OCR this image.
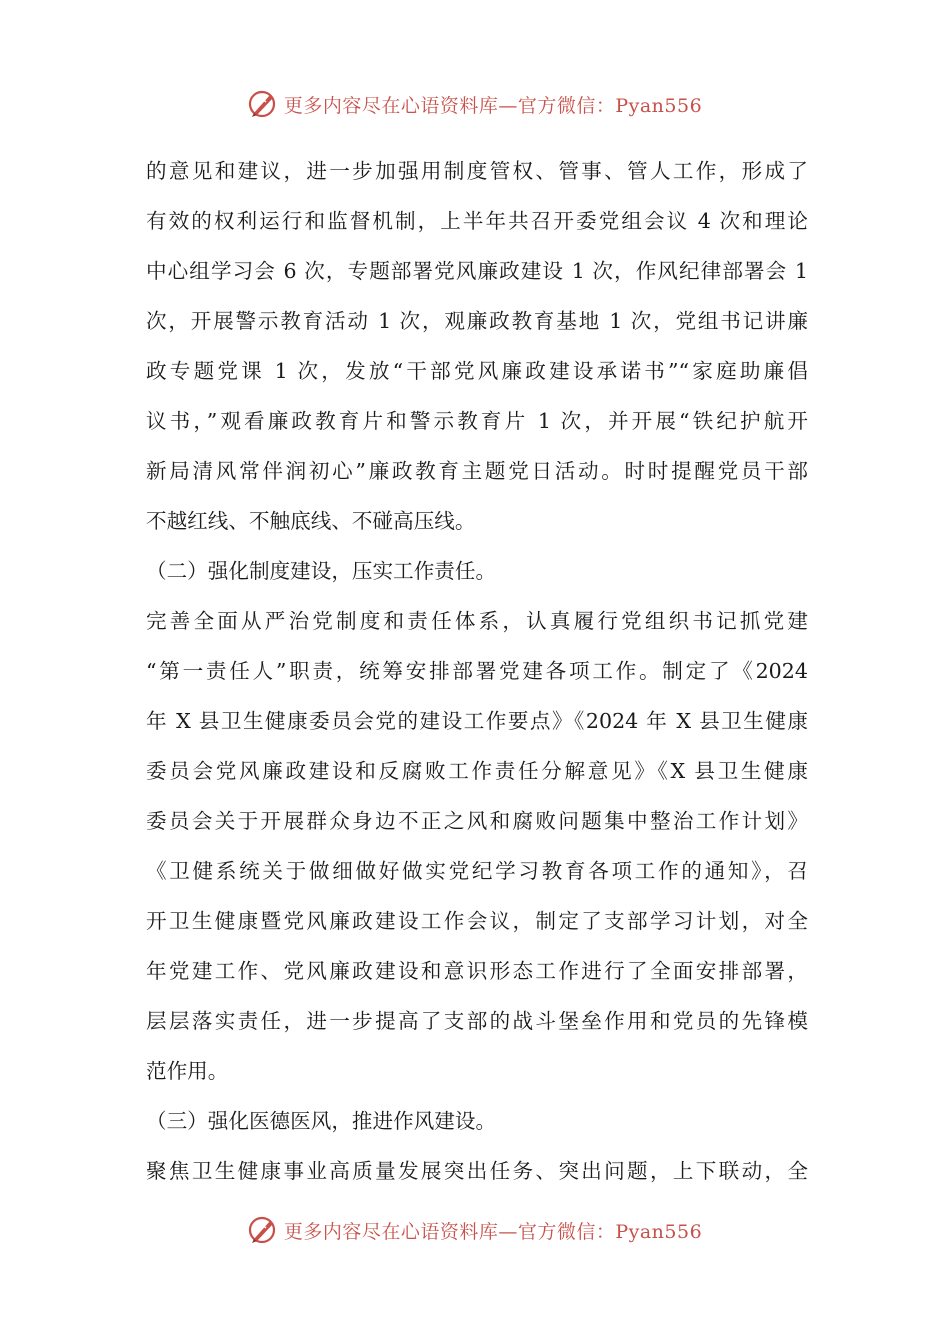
更多内容尽在心语资料库—官方微信：Pyan556
的意见和建议，进一步加强用制度管权、管事、管人工作，形成了
有效的权利运行和监督机制，上半年共召开委党组会议 4 次和理论
中心组学习会 6 次，专题部署党风廉政建设 1 次，作风纪律部署会 1
次，开展警示教育活动 1 次，观廉政教育基地 1 次，党组书记讲廉
政专题党课 1 次，发放“干部党风廉政建设承诺书”“家庭助廉倡
议书，”观看廉政教育片和警示教育片 1 次，并开展“铁纪护航开
新局清风常伴润初心”廉政教育主题党日活动。时时提醒党员干部
不越红线、不触底线、不碰高压线。
（二）强化制度建设，压实工作责任。
完善全面从严治党制度和责任体系，认真履行党组织书记抓党建
“第一责任人”职责，统筹安排部署党建各项工作。制定了《2024
年 X 县卫生健康委员会党的建设工作要点》《2024 年 X 县卫生健康
委员会党风廉政建设和反腐败工作责任分解意见》《X 县卫生健康
委员会关于开展群众身边不正之风和腐败问题集中整治工作计划》
《卫健系统关于做细做好做实党纪学习教育各项工作的通知》，召
开卫生健康暨党风廉政建设工作会议，制定了支部学习计划，对全
年党建工作、党风廉政建设和意识形态工作进行了全面安排部署，
层层落实责任，进一步提高了支部的战斗堡垒作用和党员的先锋模
范作用。
（三）强化医德医风，推进作风建设。
聚焦卫生健康事业高质量发展突出任务、突出问题，上下联动，全
更多内容尽在心语资料库—官方微信：Pyan556
